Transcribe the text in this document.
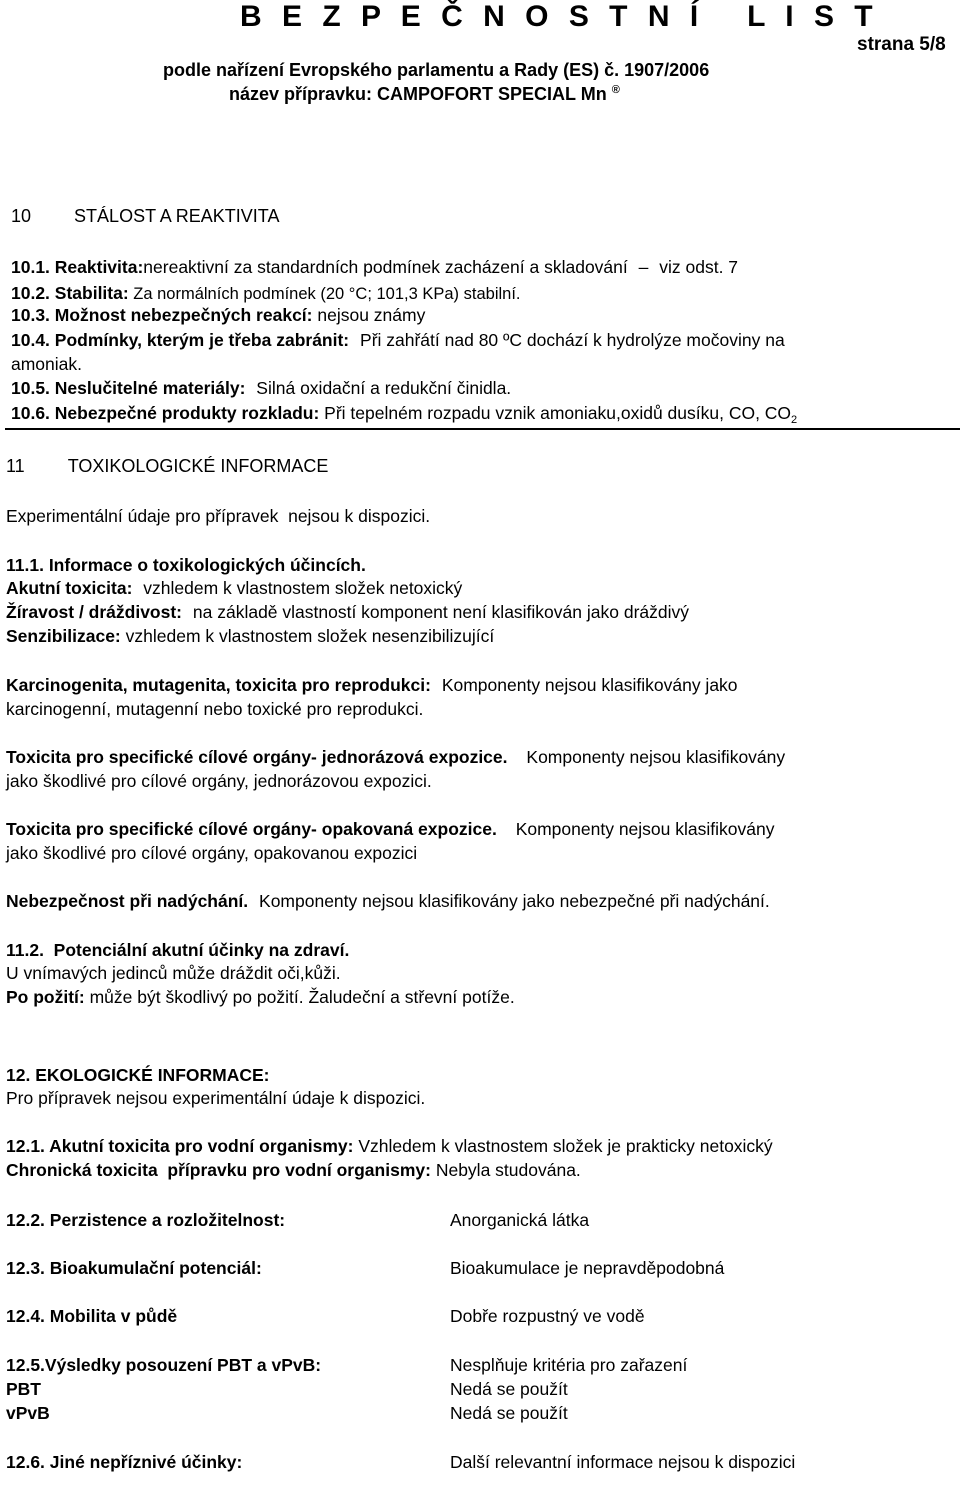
B E Z P E Č N O S T N Í   L I S T
strana 5/8
podle nařízení Evropského parlamentu a Rady (ES) č. 1907/2006
název přípravku: CAMPOFORT SPECIAL Mn ®
10 STÁLOST A REAKTIVITA
10.1. Reaktivita:nereaktivní za standardních podmínek zacházení a skladování – viz odst. 7
10.2. Stabilita: Za normálních podmínek (20 °C; 101,3 KPa) stabilní.
10.3. Možnost nebezpečných reakcí: nejsou známy
10.4. Podmínky, kterým je třeba zabránit: Při zahřátí nad 80 ºC dochází k hydrolýze močoviny na
amoniak.
10.5. Neslučitelné materiály: Silná oxidační a redukční činidla.
10.6. Nebezpečné produkty rozkladu: Při tepelném rozpadu vznik amoniaku,oxidů dusíku, CO, $CO_2$
11 TOXIKOLOGICKÉ INFORMACE
Experimentální údaje pro přípravek  nejsou k dispozici.
11.1. Informace o toxikologických účincích.
Akutní toxicita: vzhledem k vlastnostem složek netoxický
Žíravost / dráždivost: na základě vlastností komponent není klasifikován jako dráždivý
Senzibilizace: vzhledem k vlastnostem složek nesenzibilizující
Karcinogenita, mutagenita, toxicita pro reprodukci: Komponenty nejsou klasifikovány jako
karcinogenní, mutagenní nebo toxické pro reprodukci.
Toxicita pro specifické cílové orgány- jednorázová expozice. Komponenty nejsou klasifikovány
jako škodlivé pro cílové orgány, jednorázovou expozici.
Toxicita pro specifické cílové orgány- opakovaná expozice. Komponenty nejsou klasifikovány
jako škodlivé pro cílové orgány, opakovanou expozici
Nebezpečnost při nadýchání. Komponenty nejsou klasifikovány jako nebezpečné při nadýchání.
11.2.  Potenciální akutní účinky na zdraví.
U vnímavých jedinců může dráždit oči,kůži.
Po požití: může být škodlivý po požití. Žaludeční a střevní potíže.
12. EKOLOGICKÉ INFORMACE:
Pro přípravek nejsou experimentální údaje k dispozici.
12.1. Akutní toxicita pro vodní organismy: Vzhledem k vlastnostem složek je prakticky netoxický
Chronická toxicita  přípravku pro vodní organismy: Nebyla studována.
12.2. Perzistence a rozložitelnost:	Anorganická látka
12.3. Bioakumulační potenciál:	Bioakumulace je nepravděpodobná
12.4. Mobilita v půdě	Dobře rozpustný ve vodě
12.5.Výsledky posouzení PBT a vPvB:	Nesplňuje kritéria pro zařazení
PBT	Nedá se použít
vPvB	Nedá se použít
12.6. Jiné nepříznivé účinky:	Další relevantní informace nejsou k dispozici
